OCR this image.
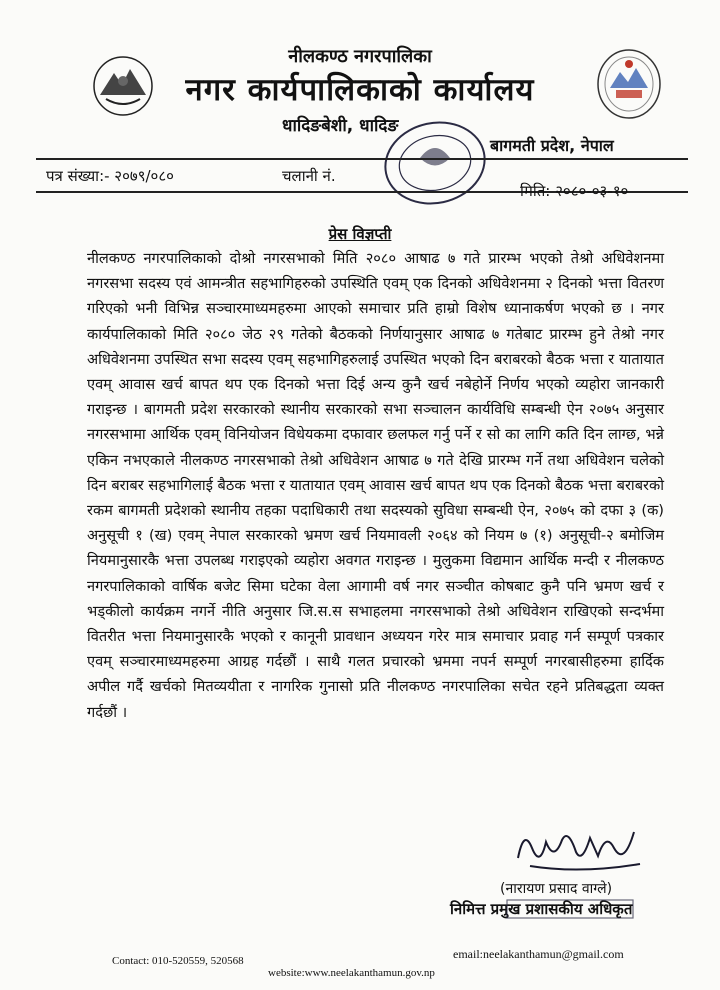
नीलकण्ठ नगरपालिका
नगर कार्यपालिकाको कार्यालय
धादिङबेशी, धादिङ
बागमती प्रदेश, नेपाल
पत्र संख्या:- २०७९/०८०	चलानी नं.
मिति: २०८०-०३-१०
प्रेस विज्ञप्ती

नीलकण्ठ नगरपालिकाको दोश्रो नगरसभाको मिति २०८० आषाढ ७ गते प्रारम्भ भएको तेश्रो अधिवेशनमा नगरसभा सदस्य एवं आमन्त्रीत सहभागिहरुको उपस्थिति एवम् एक दिनको अधिवेशनमा २ दिनको भत्ता वितरण गरिएको भनी विभिन्न सञ्चारमाध्यमहरुमा आएको समाचार प्रति हाम्रो विशेष ध्यानाकर्षण भएको छ । नगर कार्यपालिकाको मिति २०८० जेठ २९ गतेको बैठकको निर्णयानुसार आषाढ ७ गतेबाट प्रारम्भ हुने तेश्रो नगर अधिवेशनमा उपस्थित सभा सदस्य एवम् सहभागिहरुलाई उपस्थित भएको दिन बराबरको बैठक भत्ता र यातायात एवम् आवास खर्च बापत थप एक दिनको भत्ता दिई अन्य कुनै खर्च नबेहोर्ने निर्णय भएको व्यहोरा जानकारी गराइन्छ । बागमती प्रदेश सरकारको स्थानीय सरकारको सभा सञ्चालन कार्यविधि सम्बन्धी ऐन २०७५ अनुसार नगरसभामा आर्थिक एवम् विनियोजन विधेयकमा दफावार छलफल गर्नु पर्ने र सो का लागि कति दिन लाग्छ, भन्ने एकिन नभएकाले नीलकण्ठ नगरसभाको तेश्रो अधिवेशन आषाढ ७ गते देखि प्रारम्भ गर्ने तथा अधिवेशन चलेको दिन बराबर सहभागिलाई बैठक भत्ता र यातायात एवम् आवास खर्च बापत थप एक दिनको बैठक भत्ता बराबरको रकम बागमती प्रदेशको स्थानीय तहका पदाधिकारी तथा सदस्यको सुविधा सम्बन्धी ऐन, २०७५ को दफा ३ (क) अनुसूची १ (ख) एवम् नेपाल सरकारको भ्रमण खर्च नियमावली २०६४ को नियम ७ (१) अनुसूची-२ बमोजिम नियमानुसारकै भत्ता उपलब्ध गराइएको व्यहोरा अवगत गराइन्छ । मुलुकमा विद्यमान आर्थिक मन्दी र नीलकण्ठ नगरपालिकाको वार्षिक बजेट सिमा घटेका वेला आगामी वर्ष नगर सञ्चीत कोषबाट कुनै पनि भ्रमण खर्च र भड्कीलो कार्यक्रम नगर्ने नीति अनुसार जि.स.स सभाहलमा नगरसभाको तेश्रो अधिवेशन राखिएको सन्दर्भमा वितरीत भत्ता नियमानुसारकै भएको र कानूनी प्रावधान अध्ययन गरेर मात्र समाचार प्रवाह गर्न सम्पूर्ण पत्रकार एवम् सञ्चारमाध्यमहरुमा आग्रह गर्दछौं । साथै गलत प्रचारको भ्रममा नपर्न सम्पूर्ण नगरबासीहरुमा हार्दिक अपील गर्दै खर्चको मितव्ययीता र नागरिक गुनासो प्रति नीलकण्ठ नगरपालिका सचेत रहने प्रतिबद्धता व्यक्त गर्दछौं ।

(नारायण प्रसाद वाग्ले)
निमित्त प्रमुख प्रशासकीय अधिकृत
Contact: 010-520559, 520568	email:neelakanthamun@gmail.com
website:www.neelakanthamun.gov.np
